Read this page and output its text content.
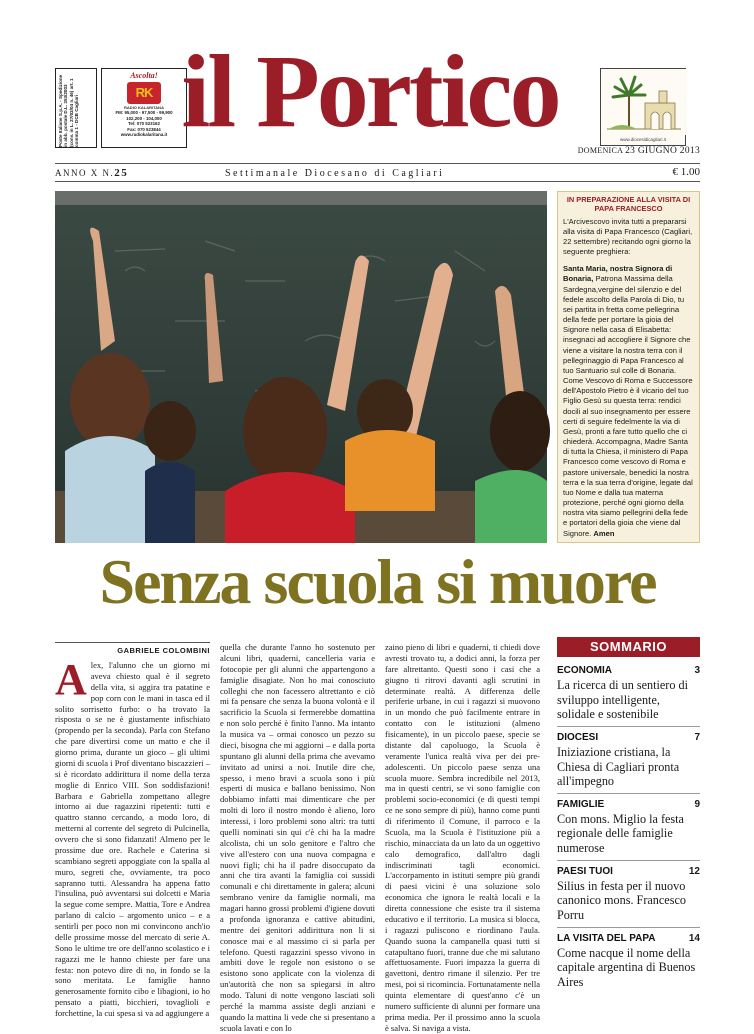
Poste Italiane S.p.A. - Spedizione in abb. postale D.L. 353/2003 (conv. in L. 27/02/04 n. 46) art. 1 comma 1 - DCB Cagliari
Ascolta!
RK
RADIO KALARITANA
FM: 95,000 - 97,500 - 99,900
102,200 - 104,000
Tel: 070 523162
Fax: 070 523844
www.radiokalaritana.it il Portico	www.diocesidicagliari.it
DOMENICA 23 GIUGNO 2013
ANNO X N.25	Settimanale Diocesano di Cagliari	€ 1.00
IN PREPARAZIONE ALLA VISITA DI PAPA FRANCESCO

L'Arcivescovo invita tutti a prepararsi alla visita di Papa Francesco (Cagliari, 22 settembre) recitando ogni giorno la seguente preghiera:

Santa Maria, nostra Signora di Bonaria, Patrona Massima della Sardegna,vergine del silenzio e del fedele ascolto della Parola di Dio, tu sei partita in fretta come pellegrina della fede per portare la gioia del Signore nella casa di Elisabetta: insegnaci ad accogliere il Signore che viene a visitare la nostra terra con il pellegrinaggio di Papa Francesco al tuo Santuario sul colle di Bonaria. Come Vescovo di Roma e Successore dell'Apostolo Pietro è il vicario del tuo Figlio Gesù su questa terra: rendici docili al suo insegnamento per essere certi di seguire fedelmente la via di Gesù, pronti a fare tutto quello che ci chiederà. Accompagna, Madre Santa di tutta la Chiesa, il ministero di Papa Francesco come vescovo di Roma e pastore universale, benedici la nostra terra e la sua terra d'origine, legate dal tuo Nome e dalla tua materna protezione, perché ogni giorno della nostra vita siamo pellegrini della fede e portatori della gioia che viene dal Signore. Amen

Senza scuola si muore
GABRIELE COLOMBINI
A lex, l'alunno che un giorno mi aveva chiesto qual è il segreto della vita, si aggira tra patatine e pop corn con le mani in tasca ed il solito sorrisetto furbo: o ha trovato la risposta o se ne è giustamente infischiato (propendo per la seconda). Parla con Stefano che pare divertirsi come un matto e che il giorno prima, durante un gioco – gli ultimi giorni di scuola i Prof diventano biscazzieri – si è ricordato addirittura il nome della terza moglie di Enrico VIII. Son soddisfazioni! Barbara e Gabriella zompettano allegre intorno ai due ragazzini ripetenti: tutti e quattro stanno cercando, a modo loro, di metterni al corrente del segreto di Pulcinella, ovvero che si sono fidanzati! Almeno per le prossime due ore. Rachele e Caterina si scambiano segreti appoggiate con la spalla al muro, segreti che, ovviamente, tra poco sapranno tutti. Alessandra ha appena fatto l'insulina, può avventarsi sui dolcetti e Maria la segue come sempre. Mattia, Tore e Andrea parlano di calcio – argomento unico – e a sentirli per poco non mi convincono anch'io delle prossime mosse del mercato di serie A. Sono le ultime tre ore dell'anno scolastico e i ragazzi me le hanno chieste per fare una festa: non potevo dire di no, in fondo se la sono meritata. Le famiglie hanno generosamente fornito cibo e libagioni, io ho pensato a piatti, bicchieri, tovaglioli e forchettine, la cui spesa si va ad aggiungere a
quella che durante l'anno ho sostenuto per alcuni libri, quaderni, cancelleria varia e fotocopie per gli alunni che appartengono a famiglie disagiate. Non ho mai conosciuto colleghi che non facessero altrettanto e ciò mi fa pensare che senza la buona volontà e il sacrificio la Scuola si fermerebbe domattina e non solo perché è finito l'anno. Ma intanto la musica va – ormai conosco un pezzo su dieci, bisogna che mi aggiorni – e dalla porta spuntano gli alunni della prima che avevamo invitato ad unirsi a noi. Inutile dire che, spesso, i meno bravi a scuola sono i più esperti di musica e ballano benissimo. Non dobbiamo infatti mai dimenticare che per molti di loro il nostro mondo è alieno, loro interessi, i loro problemi sono altri: tra tutti quelli nominati sin qui c'è chi ha la madre alcolista, chi un solo genitore e l'altro che vive all'estero con una nuova compagna e nuovi figli; chi ha il padre disoccupato da anni che tira avanti la famiglia coi sussidi comunali e chi direttamente in galera; alcuni sembrano venire da famiglie normali, ma magari hanno grossi problemi d'igiene dovuti a profonda ignoranza e cattive abitudini, mentre dei genitori addirittura non li si conosce mai e al massimo ci si parla per telefono. Questi ragazzini spesso vivono in ambiti dove le regole non esistono o se esistono sono applicate con la violenza di un'autorità che non sa spiegarsi in altro modo. Taluni di notte vengono lasciati soli perché la mamma assiste degli anziani e quando la mattina li vede che si presentano a scuola lavati e con lo
zaino pieno di libri e quaderni, ti chiedi dove avresti trovato tu, a dodici anni, la forza per fare altrettanto. Questi sono i casi che a giugno ti ritrovi davanti agli scrutini in determinate realtà. A differenza delle periferie urbane, in cui i ragazzi si muovono in un mondo che può facilmente entrare in contatto con le istituzioni (almeno fisicamente), in un piccolo paese, specie se distante dal capoluogo, la Scuola è veramente l'unica realtà viva per dei pre-adolescenti. Un piccolo paese senza una scuola muore. Sembra incredibile nel 2013, ma in questi centri, se vi sono famiglie con problemi socio-economici (e di questi tempi ce ne sono sempre di più), hanno come punti di riferimento il Comune, il parroco e la Scuola, ma la Scuola è l'istituzione più a rischio, minacciata da un lato da un oggettivo calo demografico, dall'altro dagli indiscriminati tagli economici. L'accorpamento in istituti sempre più grandi di paesi vicini è una soluzione solo economica che ignora le realtà locali e la diretta connessione che esiste tra il sistema educativo e il territorio. La musica si blocca, i ragazzi puliscono e riordinano l'aula. Quando suona la campanella quasi tutti si catapultano fuori, tranne due che mi salutano affettuosamente. Fuori impazza la guerra di gavettoni, dentro rimane il silenzio. Per tre mesi, poi si ricomincia. Fortunatamente nella quinta elementare di quest'anno c'è un numero sufficiente di alunni per formare una prima media. Per il prossimo anno la scuola è salva. Si naviga a vista.
SOMMARIO
ECONOMIA	3
La ricerca di un sentiero di sviluppo intelligente, solidale e sostenibile
DIOCESI	7
Iniziazione cristiana, la Chiesa di Cagliari pronta all'impegno
FAMIGLIE	9
Con mons. Miglio la festa regionale delle famiglie numerose
PAESI TUOI	12
Silius in festa per il nuovo canonico mons. Francesco Porru
LA VISITA DEL PAPA	14
Come nacque il nome della capitale argentina di Buenos Aires
